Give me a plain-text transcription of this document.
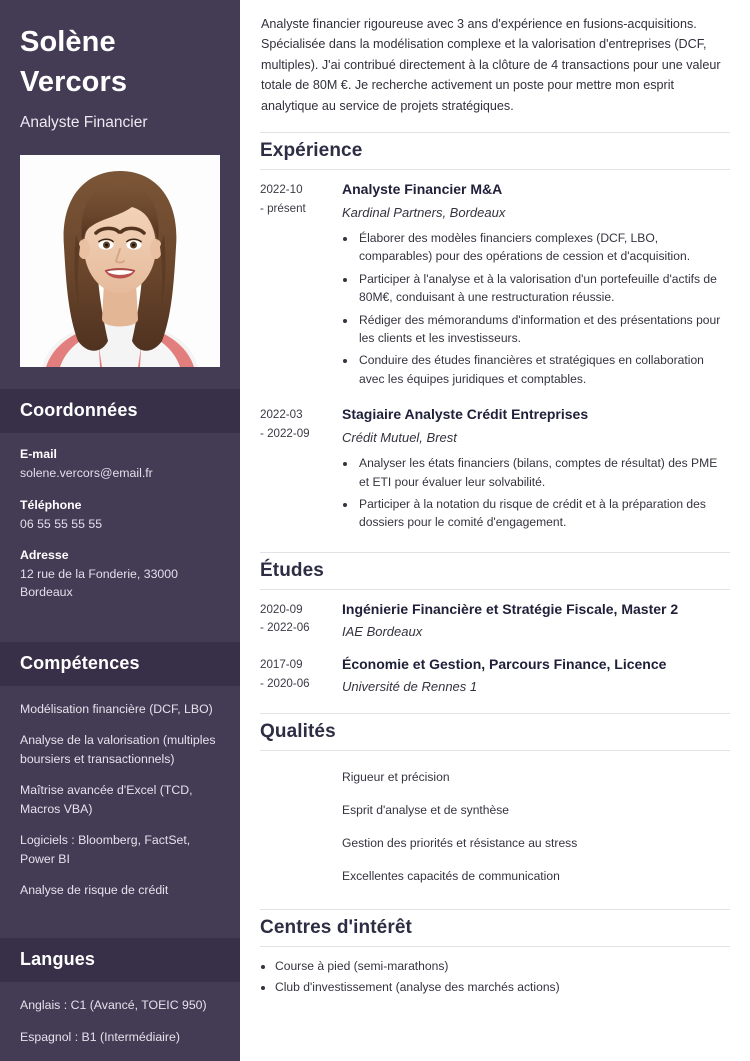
Solène
Vercors
Analyste Financier
Coordonnées
E-mail
solene.vercors@email.fr
Téléphone
06 55 55 55 55
Adresse
12 rue de la Fonderie, 33000 Bordeaux
Compétences
Modélisation financière (DCF, LBO)
Analyse de la valorisation (multiples boursiers et transactionnels)
Maîtrise avancée d'Excel (TCD, Macros VBA)
Logiciels : Bloomberg, FactSet, Power BI
Analyse de risque de crédit
Langues
Anglais : C1 (Avancé, TOEIC 950)
Espagnol : B1 (Intermédiaire)

Analyste financier rigoureuse avec 3 ans d'expérience en fusions-acquisitions. Spécialisée dans la modélisation complexe et la valorisation d'entreprises (DCF, multiples). J'ai contribué directement à la clôture de 4 transactions pour une valeur totale de 80M €. Je recherche activement un poste pour mettre mon esprit analytique au service de projets stratégiques.

Expérience
2022-10
- présent
Analyste Financier M&A
Kardinal Partners, Bordeaux
• Élaborer des modèles financiers complexes (DCF, LBO, comparables) pour des opérations de cession et d'acquisition.
• Participer à l'analyse et à la valorisation d'un portefeuille d'actifs de 80M€, conduisant à une restructuration réussie.
• Rédiger des mémorandums d'information et des présentations pour les clients et les investisseurs.
• Conduire des études financières et stratégiques en collaboration avec les équipes juridiques et comptables.
2022-03
- 2022-09
Stagiaire Analyste Crédit Entreprises
Crédit Mutuel, Brest
• Analyser les états financiers (bilans, comptes de résultat) des PME et ETI pour évaluer leur solvabilité.
• Participer à la notation du risque de crédit et à la préparation des dossiers pour le comité d'engagement.
Études
2020-09
- 2022-06
Ingénierie Financière et Stratégie Fiscale, Master 2
IAE Bordeaux
2017-09
- 2020-06
Économie et Gestion, Parcours Finance, Licence
Université de Rennes 1
Qualités
Rigueur et précision
Esprit d'analyse et de synthèse
Gestion des priorités et résistance au stress
Excellentes capacités de communication
Centres d'intérêt
• Course à pied (semi-marathons)
• Club d'investissement (analyse des marchés actions)
